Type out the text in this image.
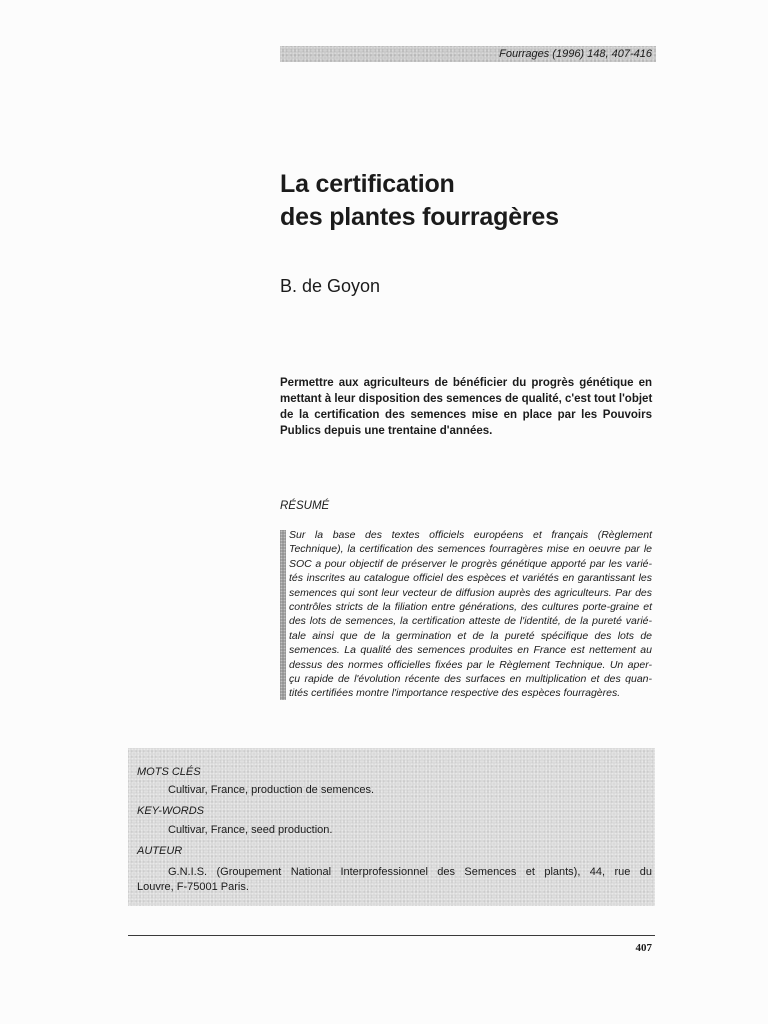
Fourrages (1996) 148, 407-416
La certification
des plantes fourragères
B. de Goyon
Permettre aux agriculteurs de bénéficier du progrès génétique en
mettant à leur disposition des semences de qualité, c'est tout l'objet
de la certification des semences mise en place par les Pouvoirs
Publics depuis une trentaine d'années.
RÉSUMÉ
Sur la base des textes officiels européens et français (Règlement
Technique), la certification des semences fourragères mise en oeuvre par le
SOC a pour objectif de préserver le progrès génétique apporté par les varié-
tés inscrites au catalogue officiel des espèces et variétés en garantissant les
semences qui sont leur vecteur de diffusion auprès des agriculteurs. Par des
contrôles stricts de la filiation entre générations, des cultures porte-graine et
des lots de semences, la certification atteste de l'identité, de la pureté varié-
tale ainsi que de la germination et de la pureté spécifique des lots de
semences. La qualité des semences produites en France est nettement au
dessus des normes officielles fixées par le Règlement Technique. Un aper-
çu rapide de l'évolution récente des surfaces en multiplication et des quan-
tités certifiées montre l'importance respective des espèces fourragères.
MOTS CLÉS
Cultivar, France, production de semences.
KEY-WORDS
Cultivar, France, seed production.
AUTEUR
G.N.I.S. (Groupement National Interprofessionnel des Semences et plants), 44, rue du
Louvre, F-75001 Paris.
407
